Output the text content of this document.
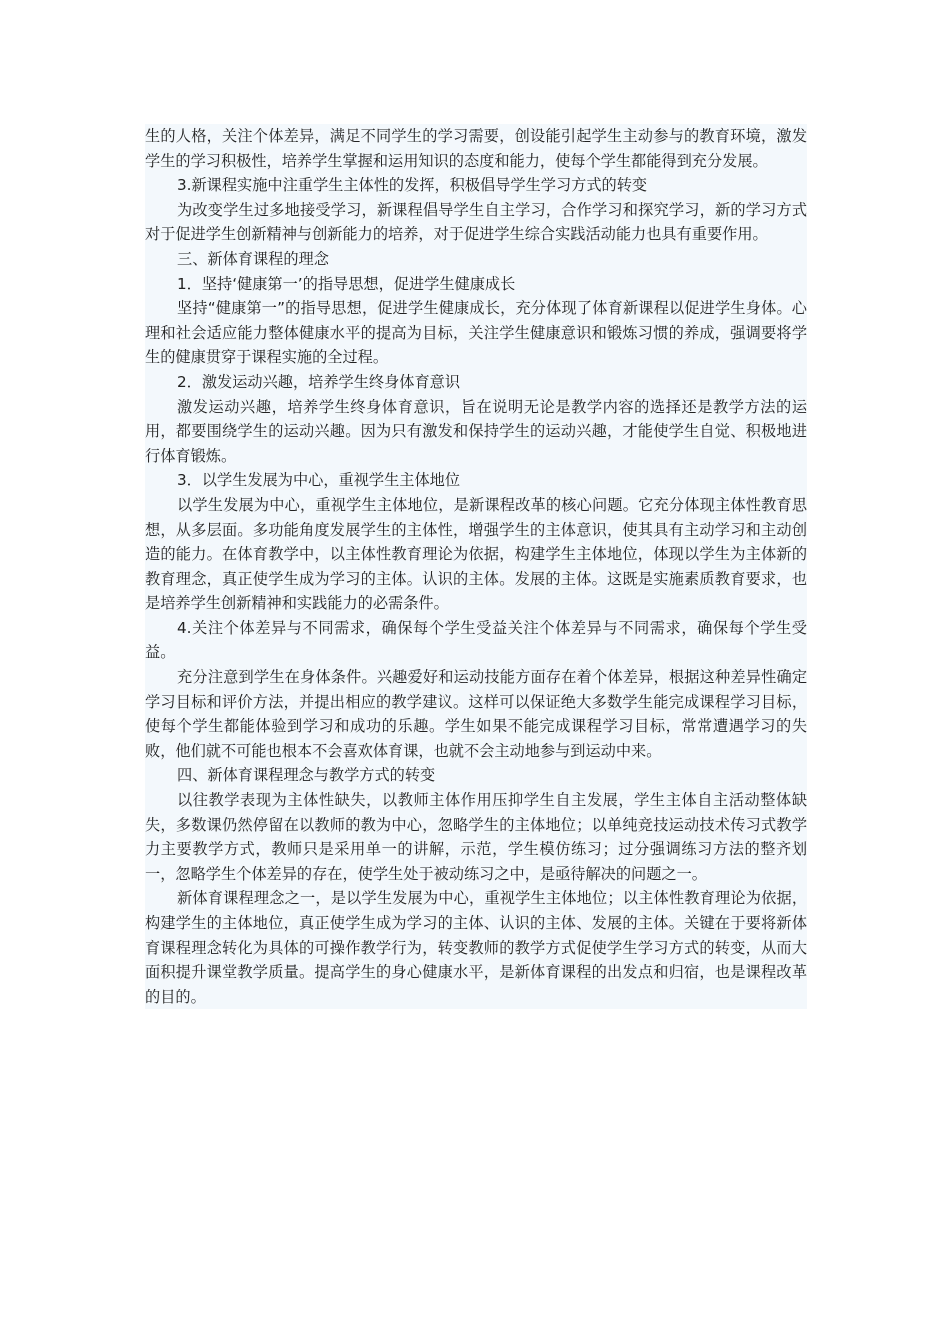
生的人格，关注个体差异，满足不同学生的学习需要，创设能引起学生主动参与的教育环境，激发学生的学习积极性，培养学生掌握和运用知识的态度和能力，使每个学生都能得到充分发展。

3.新课程实施中注重学生主体性的发挥，积极倡导学生学习方式的转变

为改变学生过多地接受学习，新课程倡导学生自主学习，合作学习和探究学习，新的学习方式对于促进学生创新精神与创新能力的培养，对于促进学生综合实践活动能力也具有重要作用。

三、新体育课程的理念

1．坚持‘健康第一’的指导思想，促进学生健康成长

坚持“健康第一”的指导思想，促进学生健康成长，充分体现了体育新课程以促进学生身体。心理和社会适应能力整体健康水平的提高为目标，关注学生健康意识和锻炼习惯的养成，强调要将学生的健康贯穿于课程实施的全过程。

2．激发运动兴趣，培养学生终身体育意识

激发运动兴趣，培养学生终身体育意识，旨在说明无论是教学内容的选择还是教学方法的运用，都要围绕学生的运动兴趣。因为只有激发和保持学生的运动兴趣，才能使学生自觉、积极地进行体育锻炼。

3．以学生发展为中心，重视学生主体地位

以学生发展为中心，重视学生主体地位，是新课程改革的核心问题。它充分体现主体性教育思想，从多层面。多功能角度发展学生的主体性，增强学生的主体意识，使其具有主动学习和主动创造的能力。在体育教学中，以主体性教育理论为依据，构建学生主体地位，体现以学生为主体新的教育理念，真正使学生成为学习的主体。认识的主体。发展的主体。这既是实施素质教育要求，也是培养学生创新精神和实践能力的必需条件。

4.关注个体差异与不同需求，确保每个学生受益关注个体差异与不同需求，确保每个学生受益。

充分注意到学生在身体条件。兴趣爱好和运动技能方面存在着个体差异，根据这种差异性确定学习目标和评价方法，并提出相应的教学建议。这样可以保证绝大多数学生能完成课程学习目标，使每个学生都能体验到学习和成功的乐趣。学生如果不能完成课程学习目标，常常遭遇学习的失败，他们就不可能也根本不会喜欢体育课，也就不会主动地参与到运动中来。

四、新体育课程理念与教学方式的转变

以往教学表现为主体性缺失，以教师主体作用压抑学生自主发展，学生主体自主活动整体缺失，多数课仍然停留在以教师的教为中心，忽略学生的主体地位；以单纯竞技运动技术传习式教学力主要教学方式，教师只是采用单一的讲解，示范，学生模仿练习；过分强调练习方法的整齐划一，忽略学生个体差异的存在，使学生处于被动练习之中，是亟待解决的问题之一。

新体育课程理念之一，是以学生发展为中心，重视学生主体地位；以主体性教育理论为依据，构建学生的主体地位，真正使学生成为学习的主体、认识的主体、发展的主体。关键在于要将新体育课程理念转化为具体的可操作教学行为，转变教师的教学方式促使学生学习方式的转变，从而大面积提升课堂教学质量。提高学生的身心健康水平，是新体育课程的出发点和归宿，也是课程改革的目的。
